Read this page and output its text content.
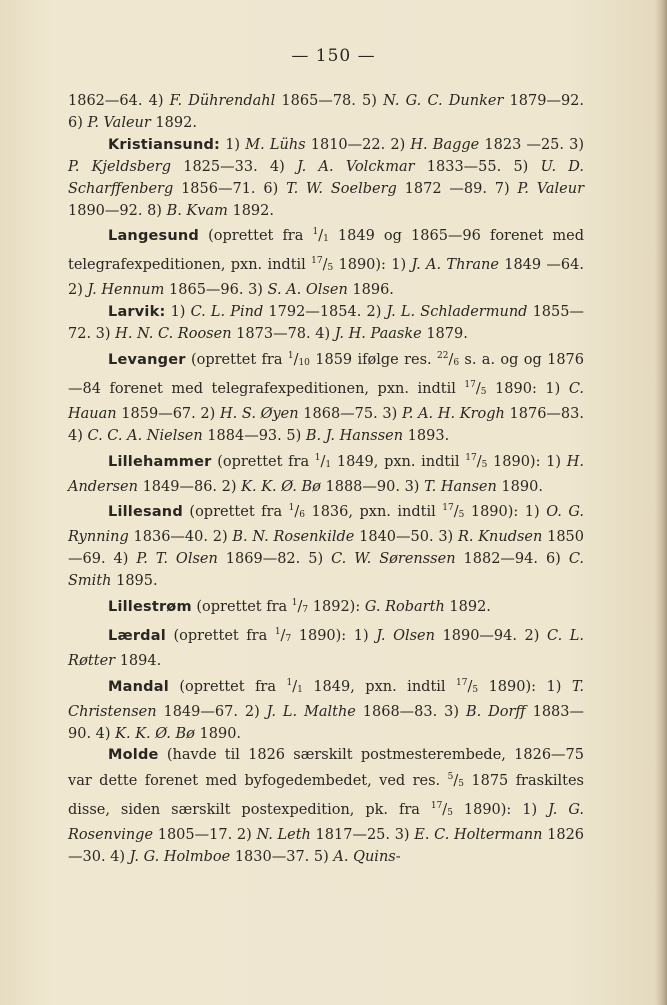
— 150 —

1862—64. 4) F. Dührendahl 1865—78. 5) N. G. C. Dunker 1879—92. 6) P. Valeur 1892.

Kristiansund: 1) M. Lühs 1810—22. 2) H. Bagge 1823 —25. 3) P. Kjeldsberg 1825—33. 4) J. A. Volckmar 1833—55. 5) U. D. Scharffenberg 1856—71. 6) T. W. Soelberg 1872 —89. 7) P. Valeur 1890—92. 8) B. Kvam 1892.

Langesund (oprettet fra $^1/_1$ 1849 og 1865—96 forenet med telegrafexpeditionen, pxn. indtil $^{17}/_5$ 1890): 1) J. A. Thrane 1849 —64. 2) J. Hennum 1865—96. 3) S. A. Olsen 1896.

Larvik: 1) C. L. Pind 1792—1854. 2) J. L. Schladermund 1855—72. 3) H. N. C. Roosen 1873—78. 4) J. H. Paaske 1879.

Levanger (oprettet fra $^1/_{10}$ 1859 ifølge res. $^{22}/_6$ s. a. og og 1876—84 forenet med telegrafexpeditionen, pxn. indtil $^{17}/_5$ 1890: 1) C. Hauan 1859—67. 2) H. S. Øyen 1868—75. 3) P. A. H. Krogh 1876—83. 4) C. C. A. Nielsen 1884—93. 5) B. J. Hanssen 1893.

Lillehammer (oprettet fra $^1/_1$ 1849, pxn. indtil $^{17}/_5$ 1890): 1) H. Andersen 1849—86. 2) K. K. Ø. Bø 1888—90. 3) T. Hansen 1890.

Lillesand (oprettet fra $^1/_6$ 1836, pxn. indtil $^{17}/_5$ 1890): 1) O. G. Rynning 1836—40. 2) B. N. Rosenkilde 1840—50. 3) R. Knudsen 1850—69. 4) P. T. Olsen 1869—82. 5) C. W. Sørenssen 1882—94. 6) C. Smith 1895.

Lillestrøm (oprettet fra $^1/_7$ 1892): G. Robarth 1892.

Lærdal (oprettet fra $^1/_7$ 1890): 1) J. Olsen 1890—94. 2) C. L. Røtter 1894.

Mandal (oprettet fra $^1/_1$ 1849, pxn. indtil $^{17}/_5$ 1890): 1) T. Christensen 1849—67. 2) J. L. Malthe 1868—83. 3) B. Dorff 1883—90. 4) K. K. Ø. Bø 1890.

Molde (havde til 1826 særskilt postmesterembede, 1826—75 var dette forenet med byfogedembedet, ved res. $^5/_5$ 1875 fraskiltes disse, siden særskilt postexpedition, pk. fra $^{17}/_5$ 1890): 1) J. G. Rosenvinge 1805—17. 2) N. Leth 1817—25. 3) E. C. Holtermann 1826—30. 4) J. G. Holmboe 1830—37. 5) A. Quins-
